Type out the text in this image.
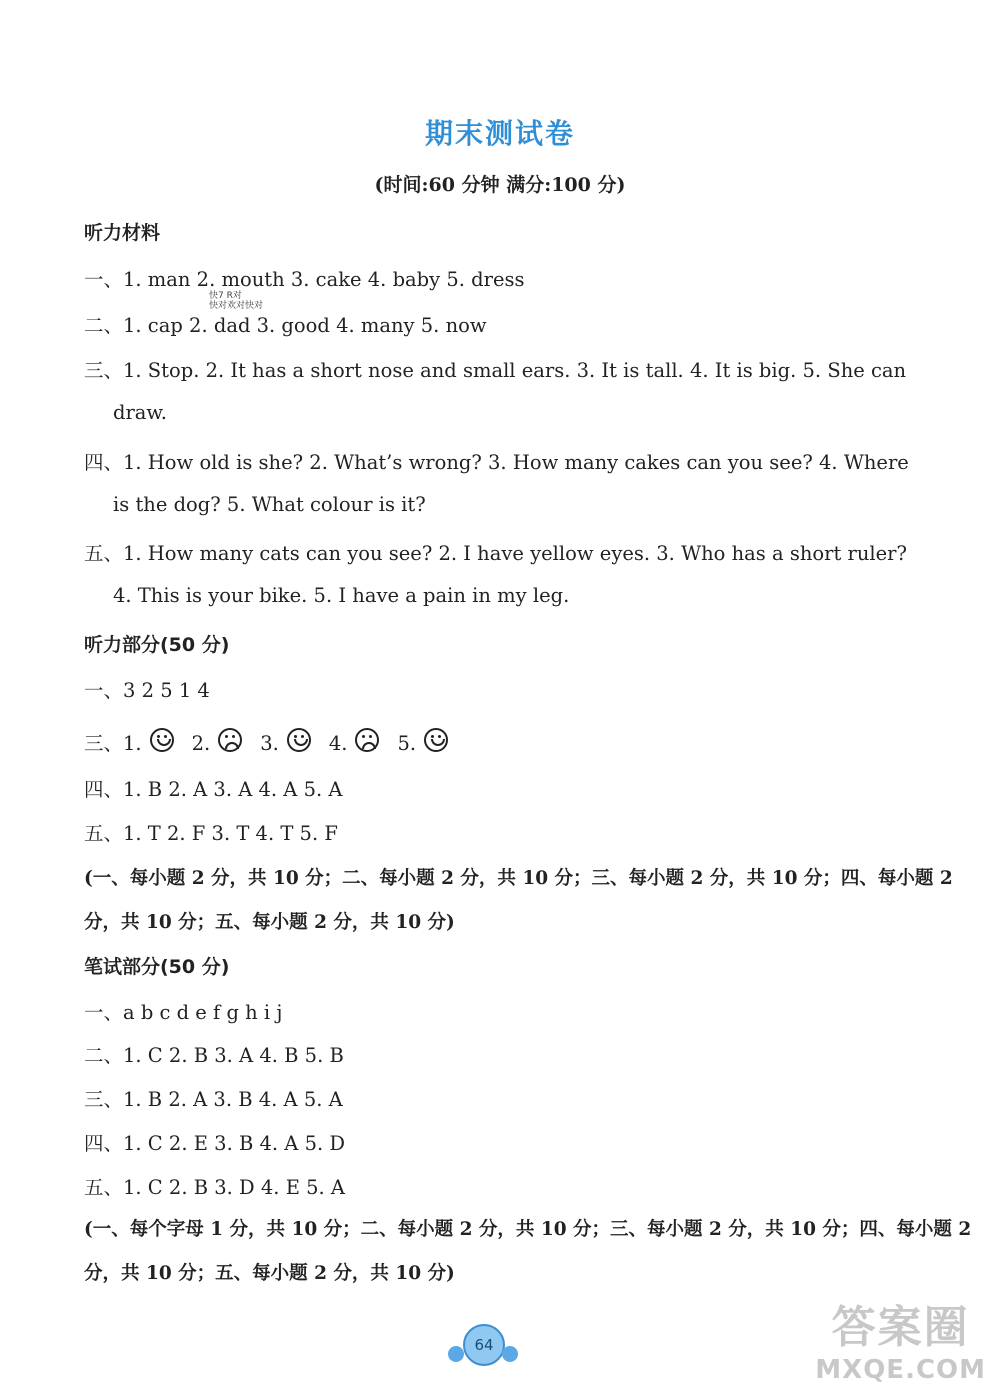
期末测试卷
(时间:60 分钟 满分:100 分)
听力材料
一、1. man 2. mouth 3. cake 4. baby 5. dress
快7 R对
快对欢对快对
二、1. cap 2. dad 3. good 4. many 5. now
三、1. Stop. 2. It has a short nose and small ears. 3. It is tall. 4. It is big. 5. She can
draw.
四、1. How old is she? 2. What’s wrong? 3. How many cakes can you see? 4. Where
is the dog? 5. What colour is it?
五、1. How many cats can you see? 2. I have yellow eyes. 3. Who has a short ruler?
4. This is your bike. 5. I have a pain in my leg.
听力部分(50 分)
一、3 2 5 1 4
三、1.	2.	3.	4.	5.
四、1. B 2. A 3. A 4. A 5. A
五、1. T 2. F 3. T 4. T 5. F
(一、每小题 2 分，共 10 分；二、每小题 2 分，共 10 分；三、每小题 2 分，共 10 分；四、每小题 2
分，共 10 分；五、每小题 2 分，共 10 分)
笔试部分(50 分)
一、a b c d e f g h i j
二、1. C 2. B 3. A 4. B 5. B
三、1. B 2. A 3. B 4. A 5. A
四、1. C 2. E 3. B 4. A 5. D
五、1. C 2. B 3. D 4. E 5. A
(一、每个字母 1 分，共 10 分；二、每小题 2 分，共 10 分；三、每小题 2 分，共 10 分；四、每小题 2
分，共 10 分；五、每小题 2 分，共 10 分)
64	答案圈
MXQE.COM
